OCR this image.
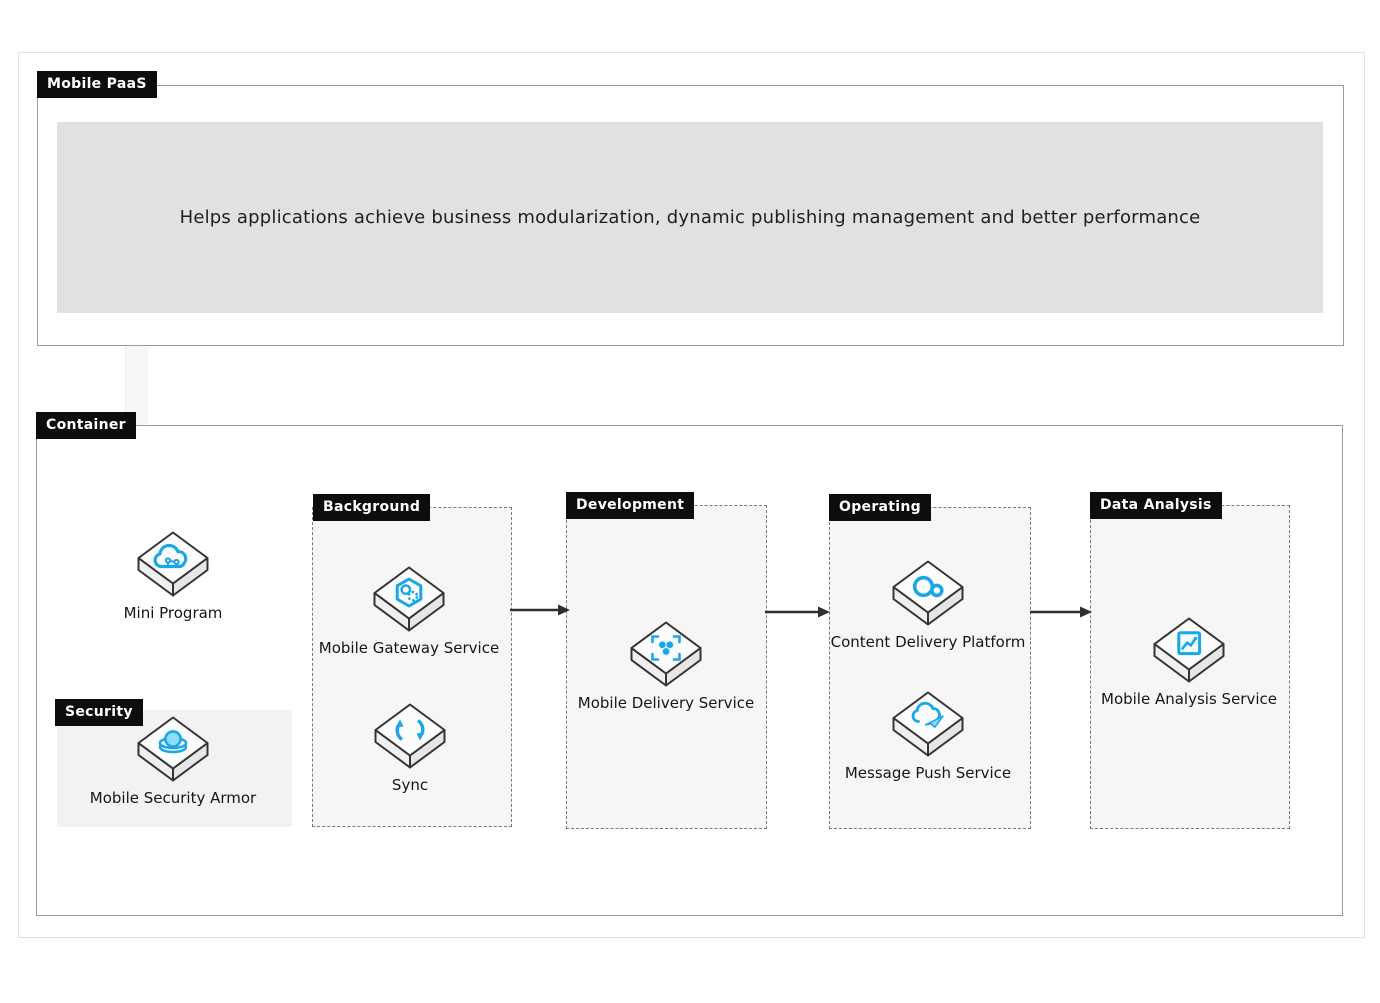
Mobile PaaS
Helps applications achieve business modularization, dynamic publishing management and better performance
Container
Security
Background	Development	Operating	Data Analysis
Mini Program
Mobile Security Armor
Mobile Gateway Service
Sync
Mobile Delivery Service
Content Delivery Platform
Message Push Service
Mobile Analysis Service
